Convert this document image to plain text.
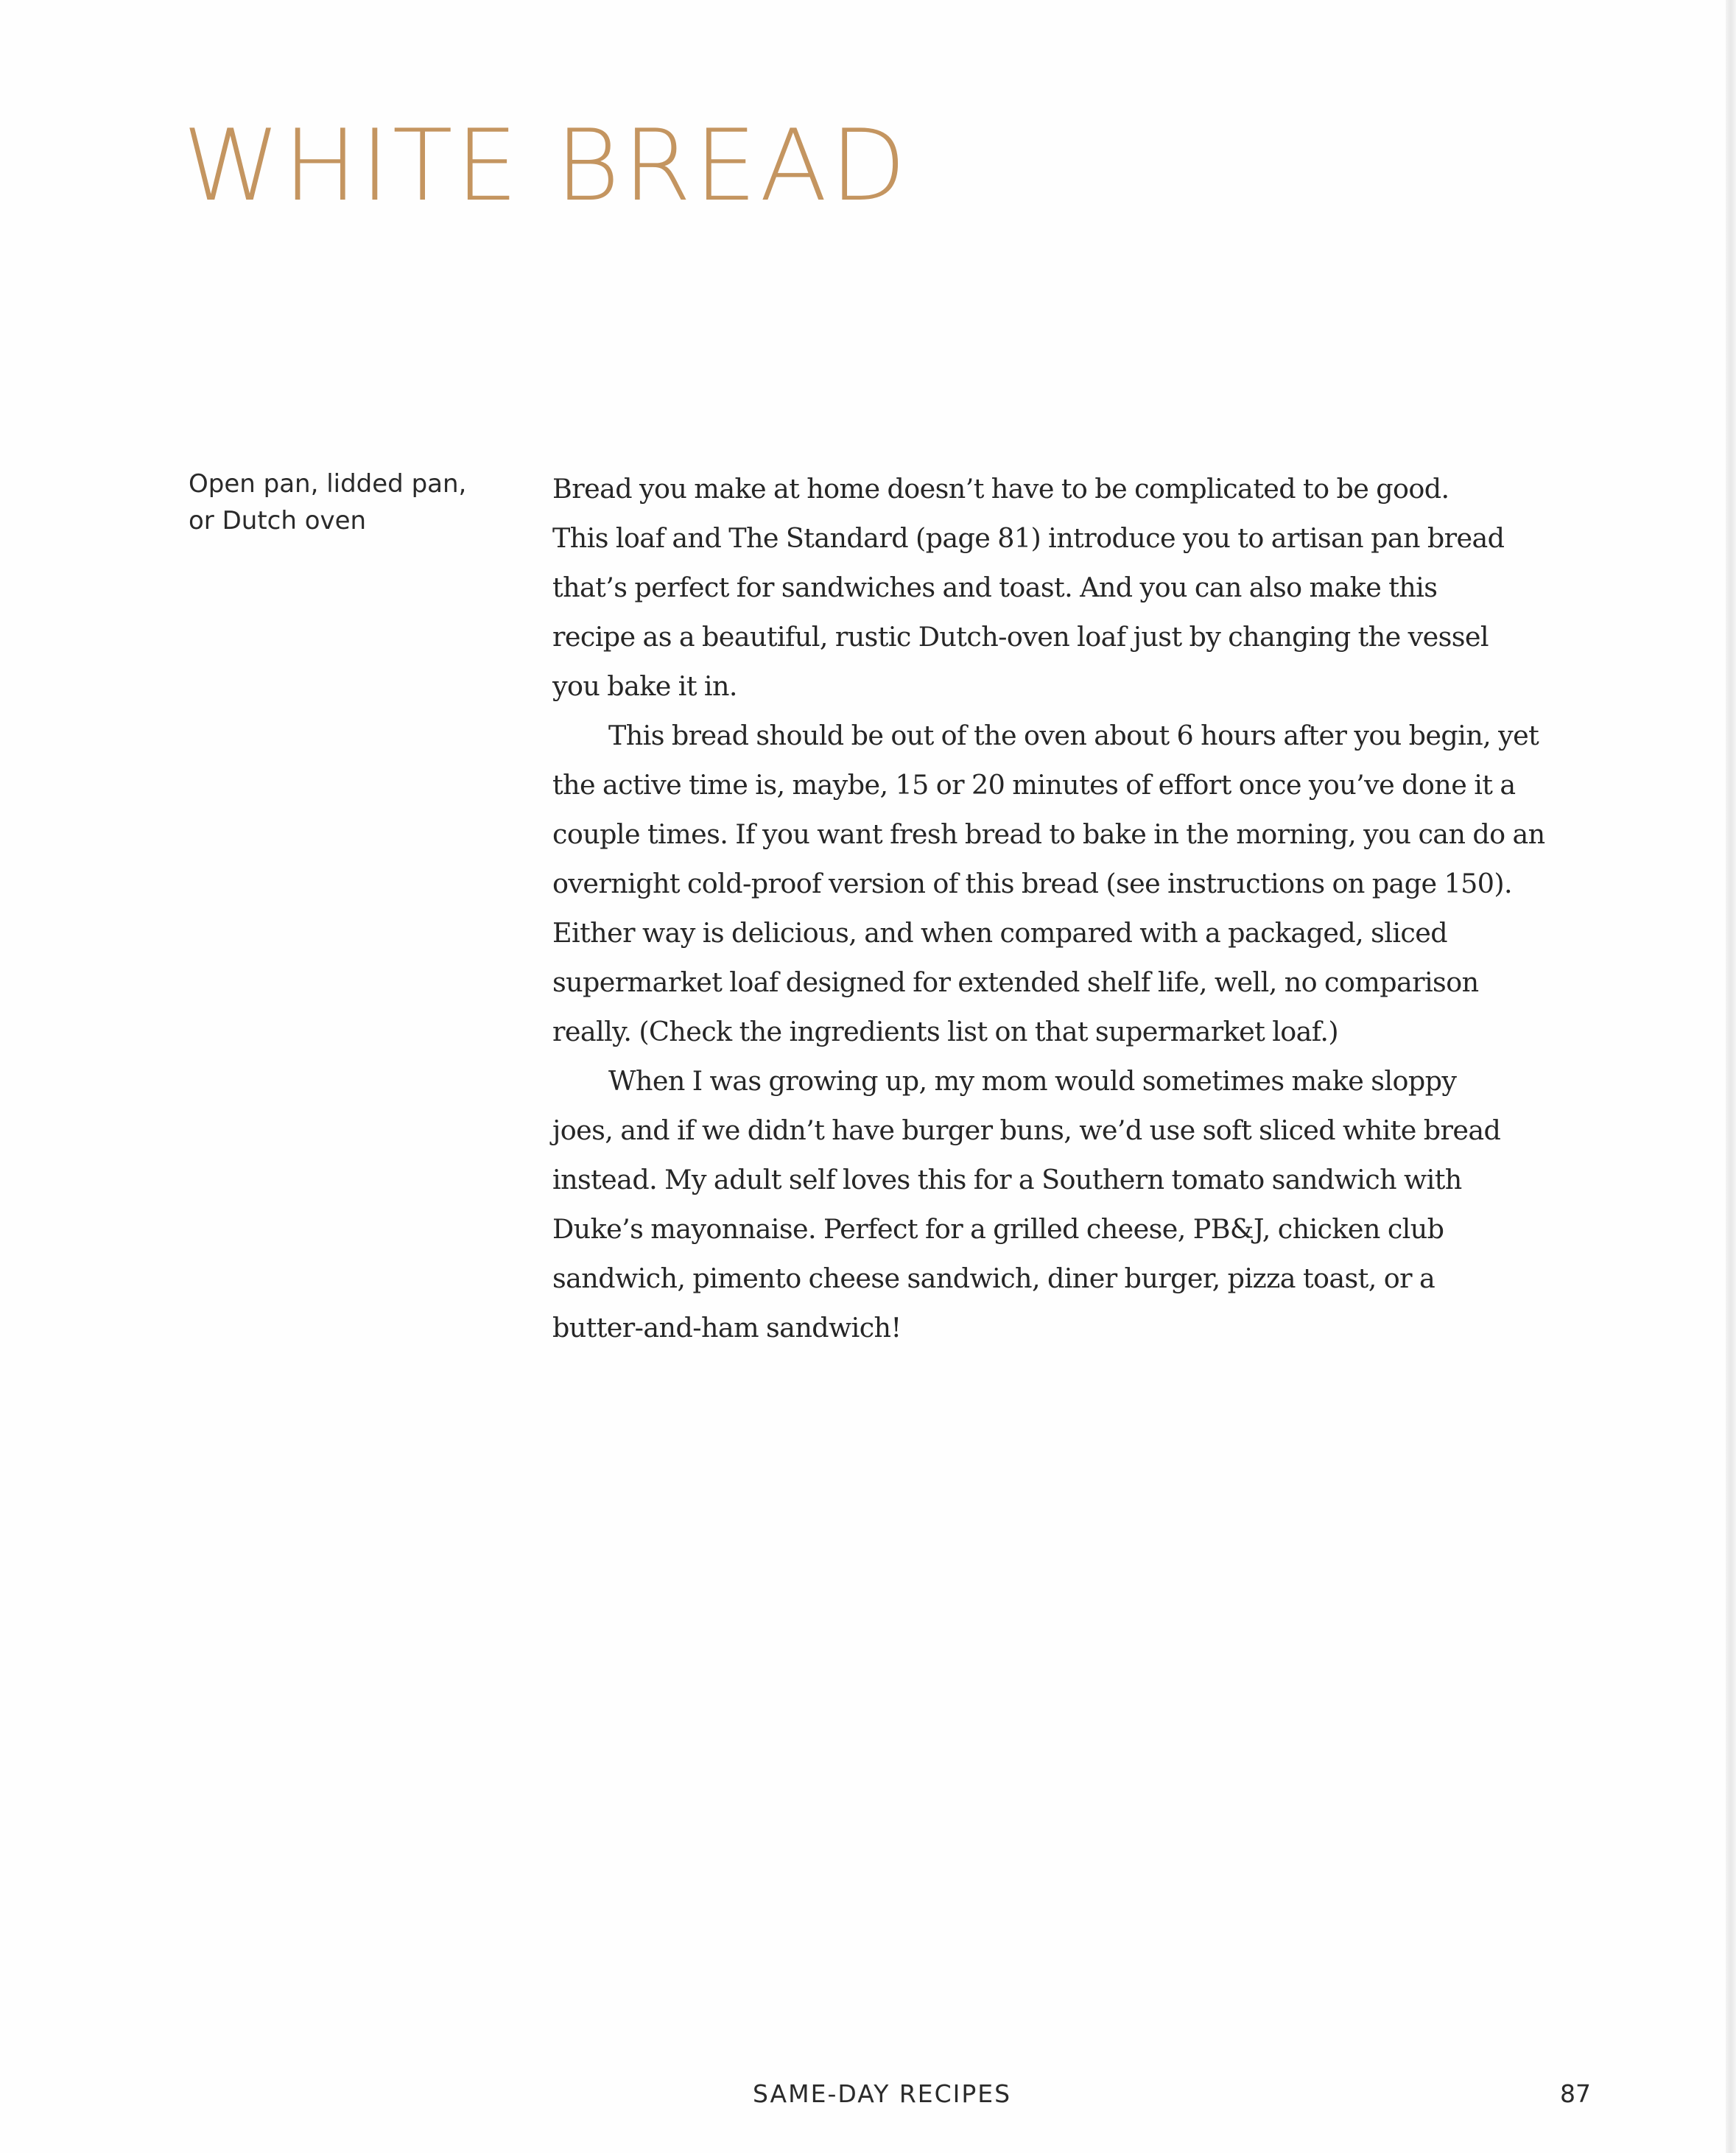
WHITE BREAD
Open pan, lidded pan,
or Dutch oven

Bread you make at home doesn’t have to be complicated to be good.
This loaf and The Standard (page 81) introduce you to artisan pan bread
that’s perfect for sandwiches and toast. And you can also make this
recipe as a beautiful, rustic Dutch-oven loaf just by changing the vessel
you bake it in.

This bread should be out of the oven about 6 hours after you begin, yet
the active time is, maybe, 15 or 20 minutes of effort once you’ve done it a
couple times. If you want fresh bread to bake in the morning, you can do an
overnight cold-proof version of this bread (see instructions on page 150).
Either way is delicious, and when compared with a packaged, sliced
supermarket loaf designed for extended shelf life, well, no comparison
really. (Check the ingredients list on that supermarket loaf.)

When I was growing up, my mom would sometimes make sloppy
joes, and if we didn’t have burger buns, we’d use soft sliced white bread
instead. My adult self loves this for a Southern tomato sandwich with
Duke’s mayonnaise. Perfect for a grilled cheese, PB&J, chicken club
sandwich, pimento cheese sandwich, diner burger, pizza toast, or a
butter-and-ham sandwich!

SAME-DAY RECIPES	87
